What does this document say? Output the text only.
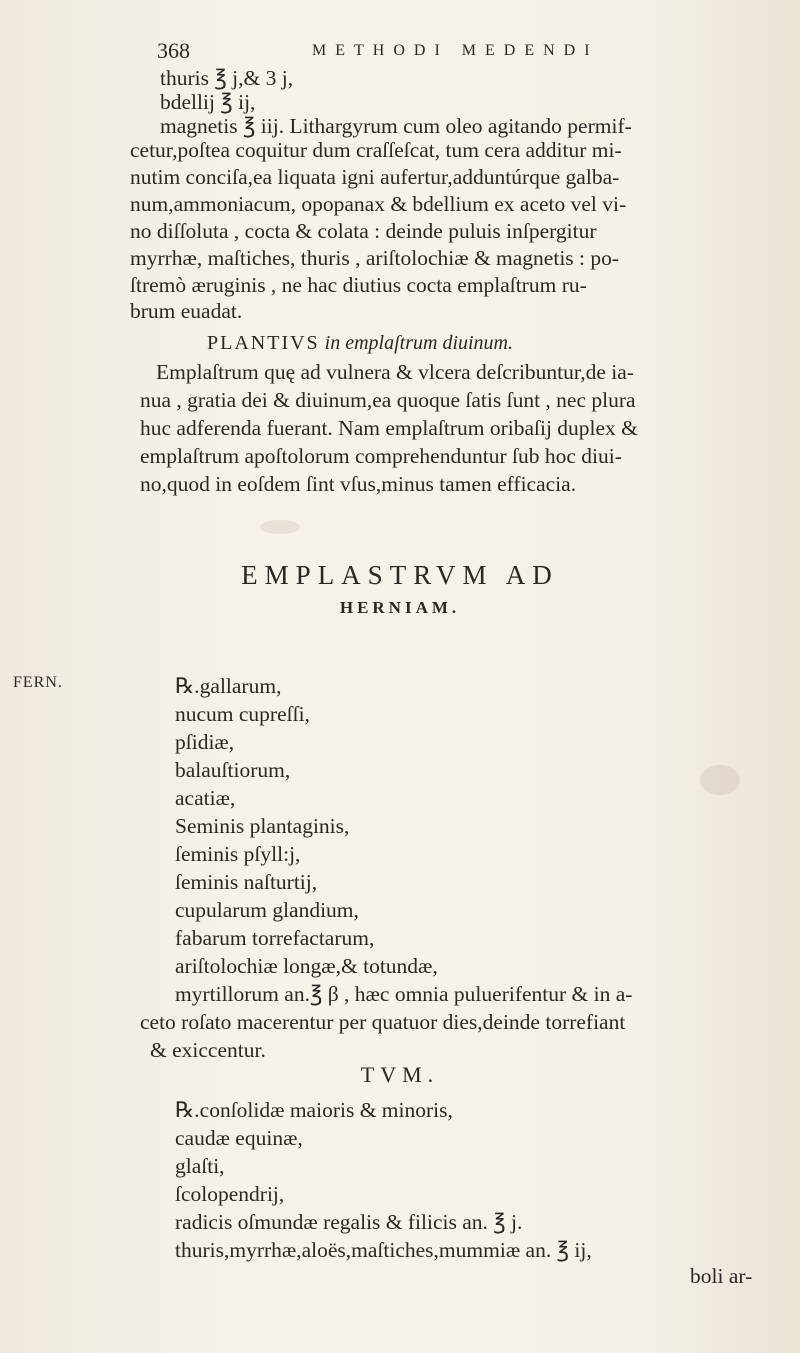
368	METHODI MEDENDI
thuris ℥ j,& 3 j,
bdellij ℥ ij,
magnetis ℥ iij. Lithargyrum cum oleo agitando permif-
cetur,poſtea coquitur dum craſſeſcat, tum cera additur mi-
nutim conciſa,ea liquata igni aufertur,adduntúrque galba-
num,ammoniacum, opopanax & bdellium ex aceto vel vi-
no diſſoluta , cocta & colata : deinde puluis inſpergitur
myrrhæ, maſtiches, thuris , ariſtolochiæ & magnetis : po-
ſtremò æruginis , ne hac diutius cocta emplaſtrum ru-
brum euadat.
PLANTIVS in emplaſtrum diuinum.
Emplaſtrum quę ad vulnera & vlcera deſcribuntur,de ia-
nua , gratia dei & diuinum,ea quoque ſatis ſunt , nec plura
huc adferenda fuerant. Nam emplaſtrum oribaſij duplex &
emplaſtrum apoſtolorum comprehenduntur ſub hoc diui-
no,quod in eoſdem ſint vſus,minus tamen efficacia.
EMPLASTRVM AD
HERNIAM.
FERN.	℞.gallarum,
nucum cupreſſi,
pſidiæ,
balauſtiorum,
acatiæ,
Seminis plantaginis,
ſeminis pſyll:j,
ſeminis naſturtij,
cupularum glandium,
fabarum torrefactarum,
ariſtolochiæ longæ,& totundæ,
myrtillorum an.℥ β , hæc omnia puluerifentur & in a-
ceto roſato macerentur per quatuor dies,deinde torrefiant
& exiccentur.
TVM.
℞.conſolidæ maioris & minoris,
caudæ equinæ,
glaſti,
ſcolopendrij,
radicis oſmundæ regalis & filicis an. ℥ j.
thuris,myrrhæ,aloës,maſtiches,mummiæ an. ℥ ij,
boli ar-
